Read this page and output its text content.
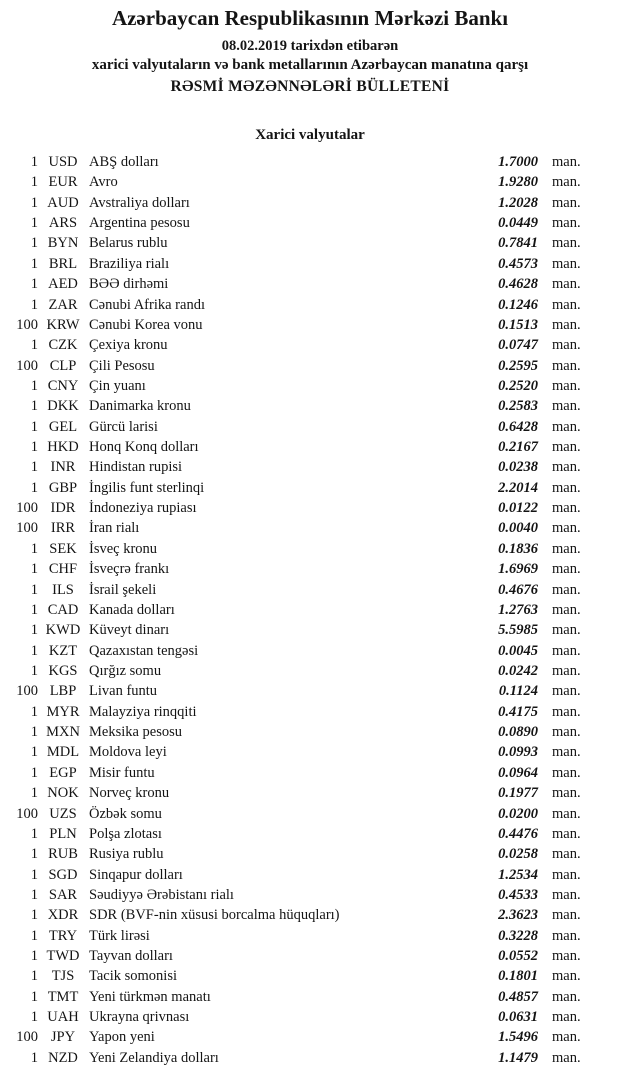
Azərbaycan Respublikasının Mərkəzi Bankı
08.02.2019 tarixdən etibarən
xarici valyutaların və bank metallarının Azərbaycan manatına qarşı
RƏSMİ MƏZƏNNƏLƏRİ BÜLLETENİ
Xarici valyutalar
1 USD ABŞ dolları	1.7000 man.
1 EUR Avro	1.9280 man.
1 AUD Avstraliya dolları	1.2028 man.
1 ARS Argentina pesosu	0.0449 man.
1 BYN Belarus rublu	0.7841 man.
1 BRL Braziliya rialı	0.4573 man.
1 AED BƏƏ dirhəmi	0.4628 man.
1 ZAR Cənubi Afrika randı	0.1246 man.
100 KRW Cənubi Korea vonu	0.1513 man.
1 CZK Çexiya kronu	0.0747 man.
100 CLP Çili Pesosu	0.2595 man.
1 CNY Çin yuanı	0.2520 man.
1 DKK Danimarka kronu	0.2583 man.
1 GEL Gürcü larisi	0.6428 man.
1 HKD Honq Konq dolları	0.2167 man.
1 INR Hindistan rupisi	0.0238 man.
1 GBP İngilis funt sterlinqi	2.2014 man.
100 IDR İndoneziya rupiası	0.0122 man.
100 IRR İran rialı	0.0040 man.
1 SEK İsveç kronu	0.1836 man.
1 CHF İsveçrə frankı	1.6969 man.
1 ILS	İsrail şekeli	0.4676 man.
1 CAD Kanada dolları	1.2763 man.
1 KWD Küveyt dinarı	5.5985 man.
1 KZT Qazaxıstan tengəsi	0.0045 man.
1 KGS Qırğız somu	0.0242 man.
100 LBP Livan funtu	0.1124 man.
1 MYR Malayziya rinqqiti	0.4175 man.
1 MXN Meksika pesosu	0.0890 man.
1 MDL Moldova leyi	0.0993 man.
1 EGP Misir funtu	0.0964 man.
1 NOK Norveç kronu	0.1977 man.
100 UZS Özbək somu	0.0200 man.
1 PLN Polşa zlotası	0.4476 man.
1 RUB Rusiya rublu	0.0258 man.
1 SGD Sinqapur dolları	1.2534 man.
1 SAR Səudiyyə Ərəbistanı rialı	0.4533 man.
1 XDR SDR (BVF-nin xüsusi borcalma hüquqları)	2.3623 man.
1 TRY Türk lirəsi	0.3228 man.
1 TWD Tayvan dolları	0.0552 man.
1 TJS	Tacik somonisi	0.1801 man.
1 TMT Yeni türkmən manatı	0.4857 man.
1 UAH Ukrayna qrivnası	0.0631 man.
100 JPY Yapon yeni	1.5496 man.
1 NZD Yeni Zelandiya dolları	1.1479 man.
